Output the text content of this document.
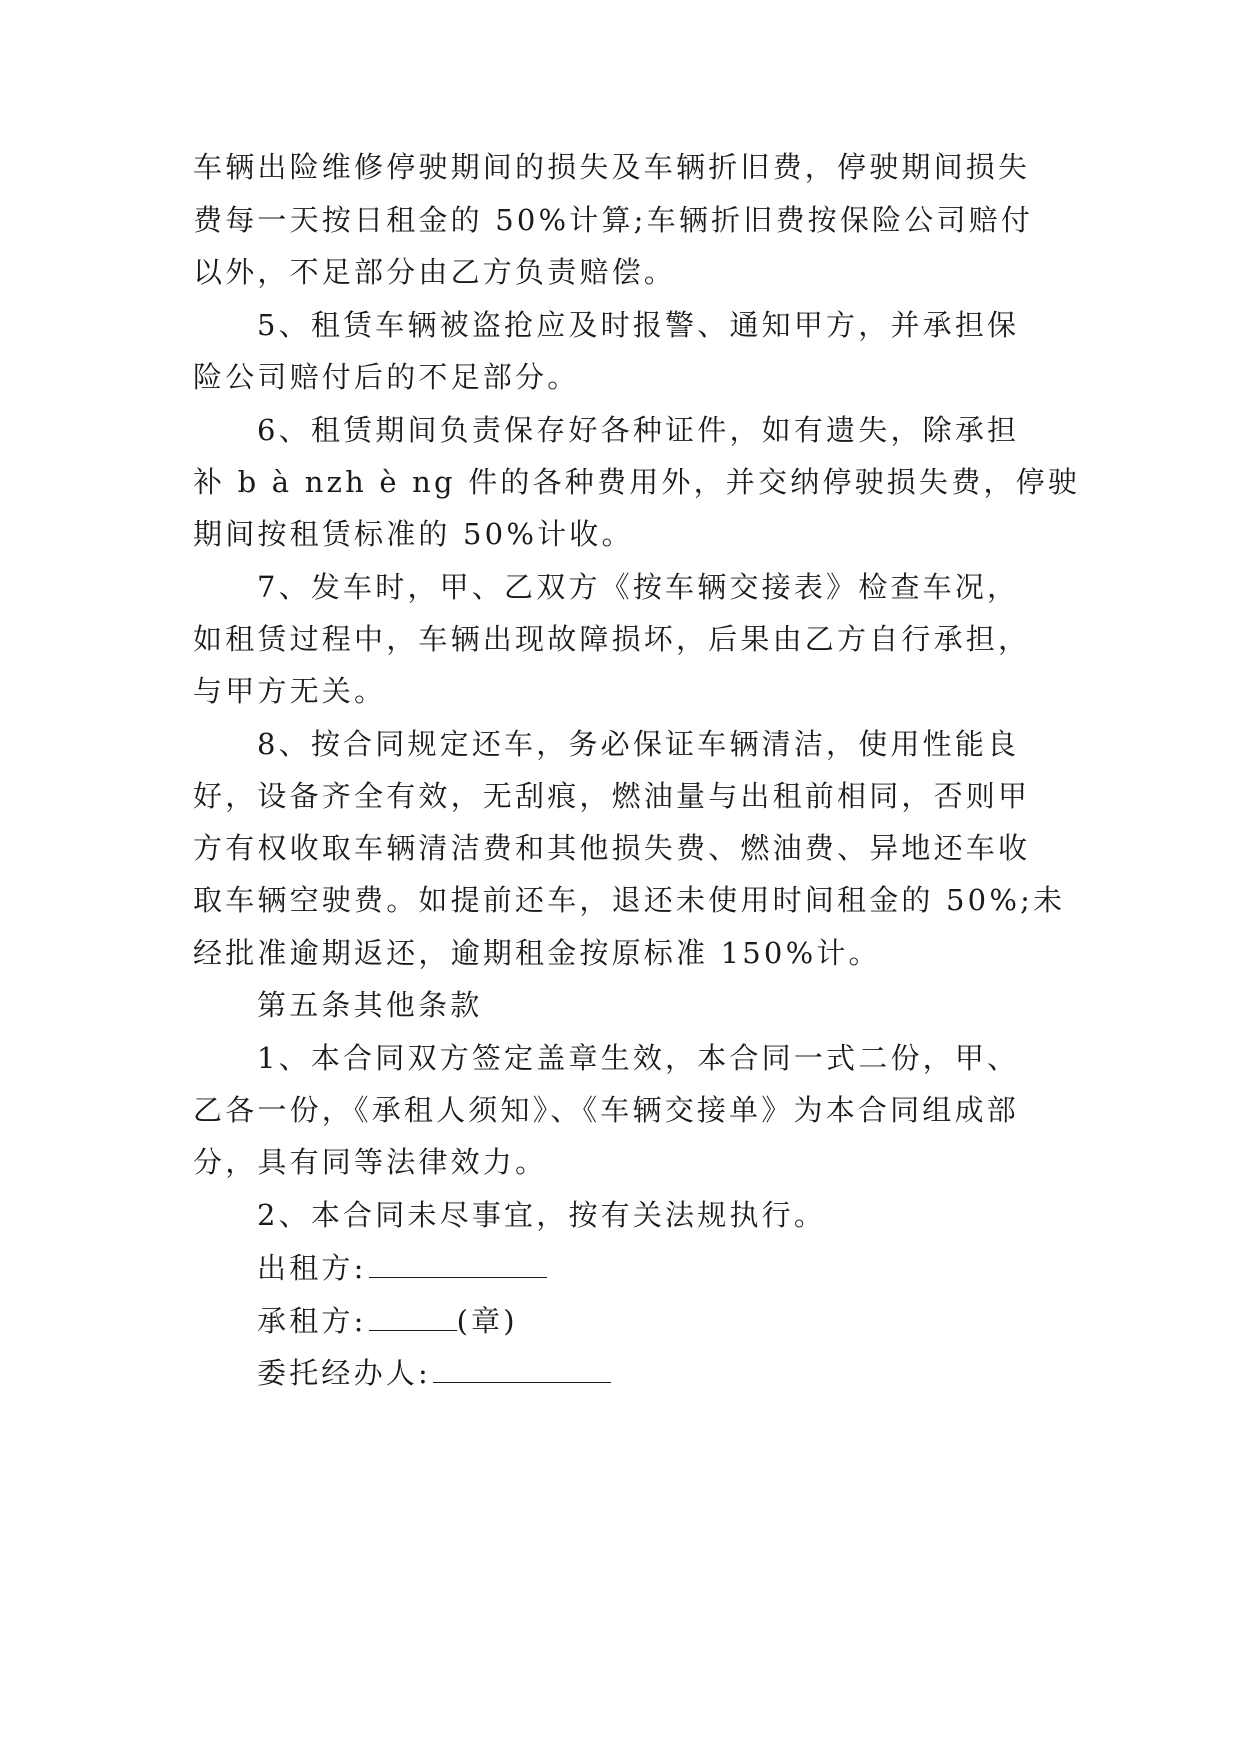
车辆出险维修停驶期间的损失及车辆折旧费，停驶期间损失
费每一天按日租金的 50%计算;车辆折旧费按保险公司赔付
以外，不足部分由乙方负责赔偿。
5、租赁车辆被盗抢应及时报警、通知甲方，并承担保
险公司赔付后的不足部分。
6、租赁期间负责保存好各种证件，如有遗失，除承担
补 b à nzh è ng 件的各种费用外，并交纳停驶损失费，停驶
期间按租赁标准的 50%计收。
7、发车时，甲、乙双方《按车辆交接表》检查车况，
如租赁过程中，车辆出现故障损坏，后果由乙方自行承担，
与甲方无关。
8、按合同规定还车，务必保证车辆清洁，使用性能良
好，设备齐全有效，无刮痕，燃油量与出租前相同，否则甲
方有权收取车辆清洁费和其他损失费、燃油费、异地还车收
取车辆空驶费。如提前还车，退还未使用时间租金的 50%;未
经批准逾期返还，逾期租金按原标准 150%计。
第五条其他条款
1、本合同双方签定盖章生效，本合同一式二份，甲、
乙各一份，《承租人须知》、《车辆交接单》为本合同组成部
分，具有同等法律效力。
2、本合同未尽事宜，按有关法规执行。
出租方:
承租方:	(章)
委托经办人:
